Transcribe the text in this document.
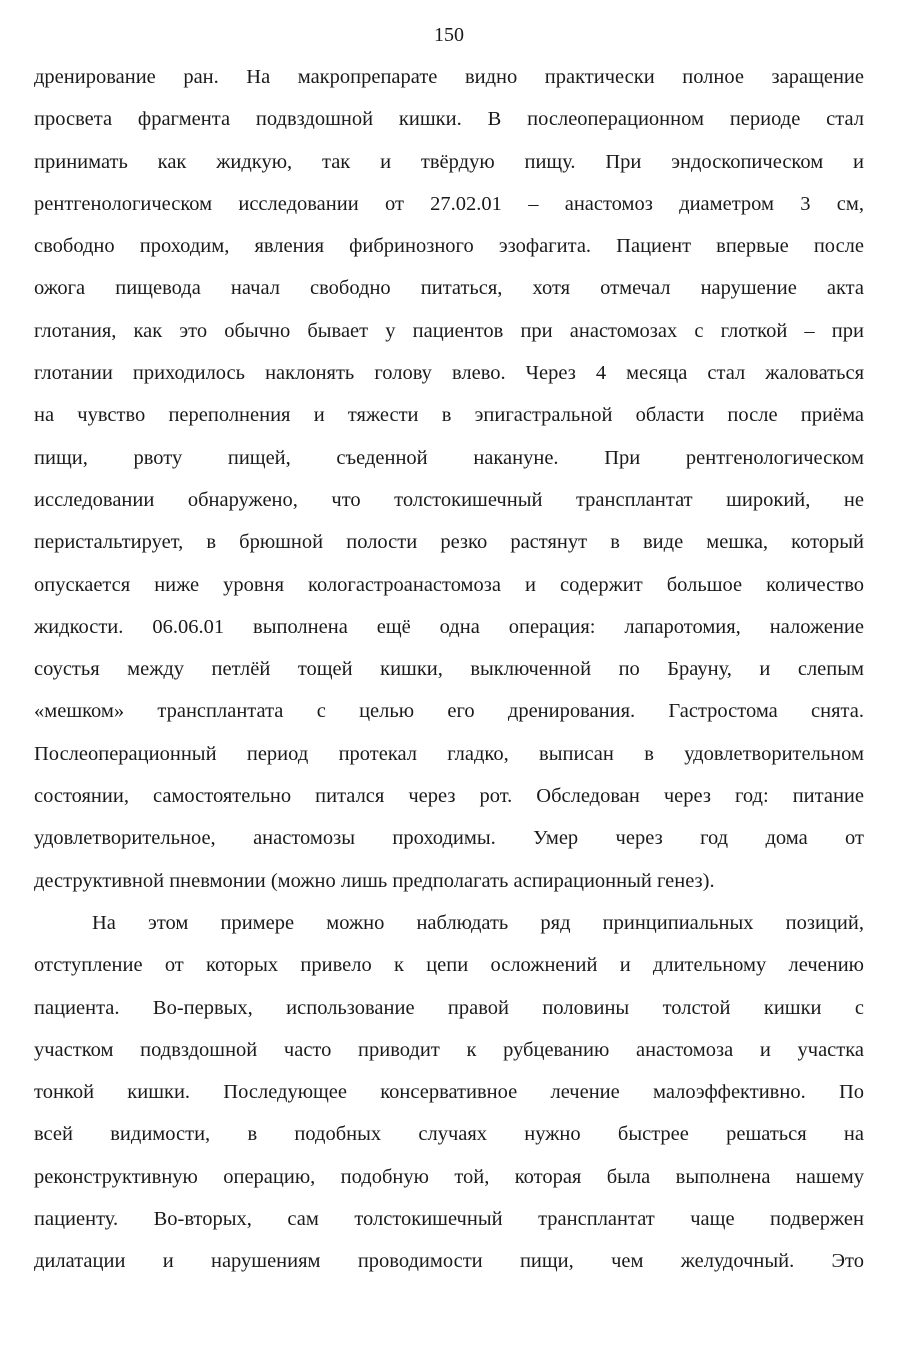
150
дренирование ран. На макропрепарате видно практически полное заращение
просвета фрагмента подвздошной кишки. В послеоперационном периоде стал
принимать как жидкую, так и твёрдую пищу. При эндоскопическом и
рентгенологическом исследовании от 27.02.01 – анастомоз диаметром 3 см,
свободно проходим, явления фибринозного эзофагита. Пациент впервые после
ожога пищевода начал свободно питаться, хотя отмечал нарушение акта
глотания, как это обычно бывает у пациентов при анастомозах с глоткой – при
глотании приходилось наклонять голову влево. Через 4 месяца стал жаловаться
на чувство переполнения и тяжести в эпигастральной области после приёма
пищи, рвоту пищей, съеденной накануне. При рентгенологическом
исследовании обнаружено, что толстокишечный трансплантат широкий, не
перистальтирует, в брюшной полости резко растянут в виде мешка, который
опускается ниже уровня кологастроанастомоза и содержит большое количество
жидкости. 06.06.01 выполнена ещё одна операция: лапаротомия, наложение
соустья между петлёй тощей кишки, выключенной по Брауну, и слепым
«мешком» трансплантата с целью его дренирования. Гастростома снята.
Послеоперационный период протекал гладко, выписан в удовлетворительном
состоянии, самостоятельно питался через рот. Обследован через год: питание
удовлетворительное, анастомозы проходимы. Умер через год дома от
деструктивной пневмонии (можно лишь предполагать аспирационный генез).
На этом примере можно наблюдать ряд принципиальных позиций,
отступление от которых привело к цепи осложнений и длительному лечению
пациента. Во-первых, использование правой половины толстой кишки с
участком подвздошной часто приводит к рубцеванию анастомоза и участка
тонкой кишки. Последующее консервативное лечение малоэффективно. По
всей видимости, в подобных случаях нужно быстрее решаться на
реконструктивную операцию, подобную той, которая была выполнена нашему
пациенту. Во-вторых, сам толстокишечный трансплантат чаще подвержен
дилатации и нарушениям проводимости пищи, чем желудочный. Это
